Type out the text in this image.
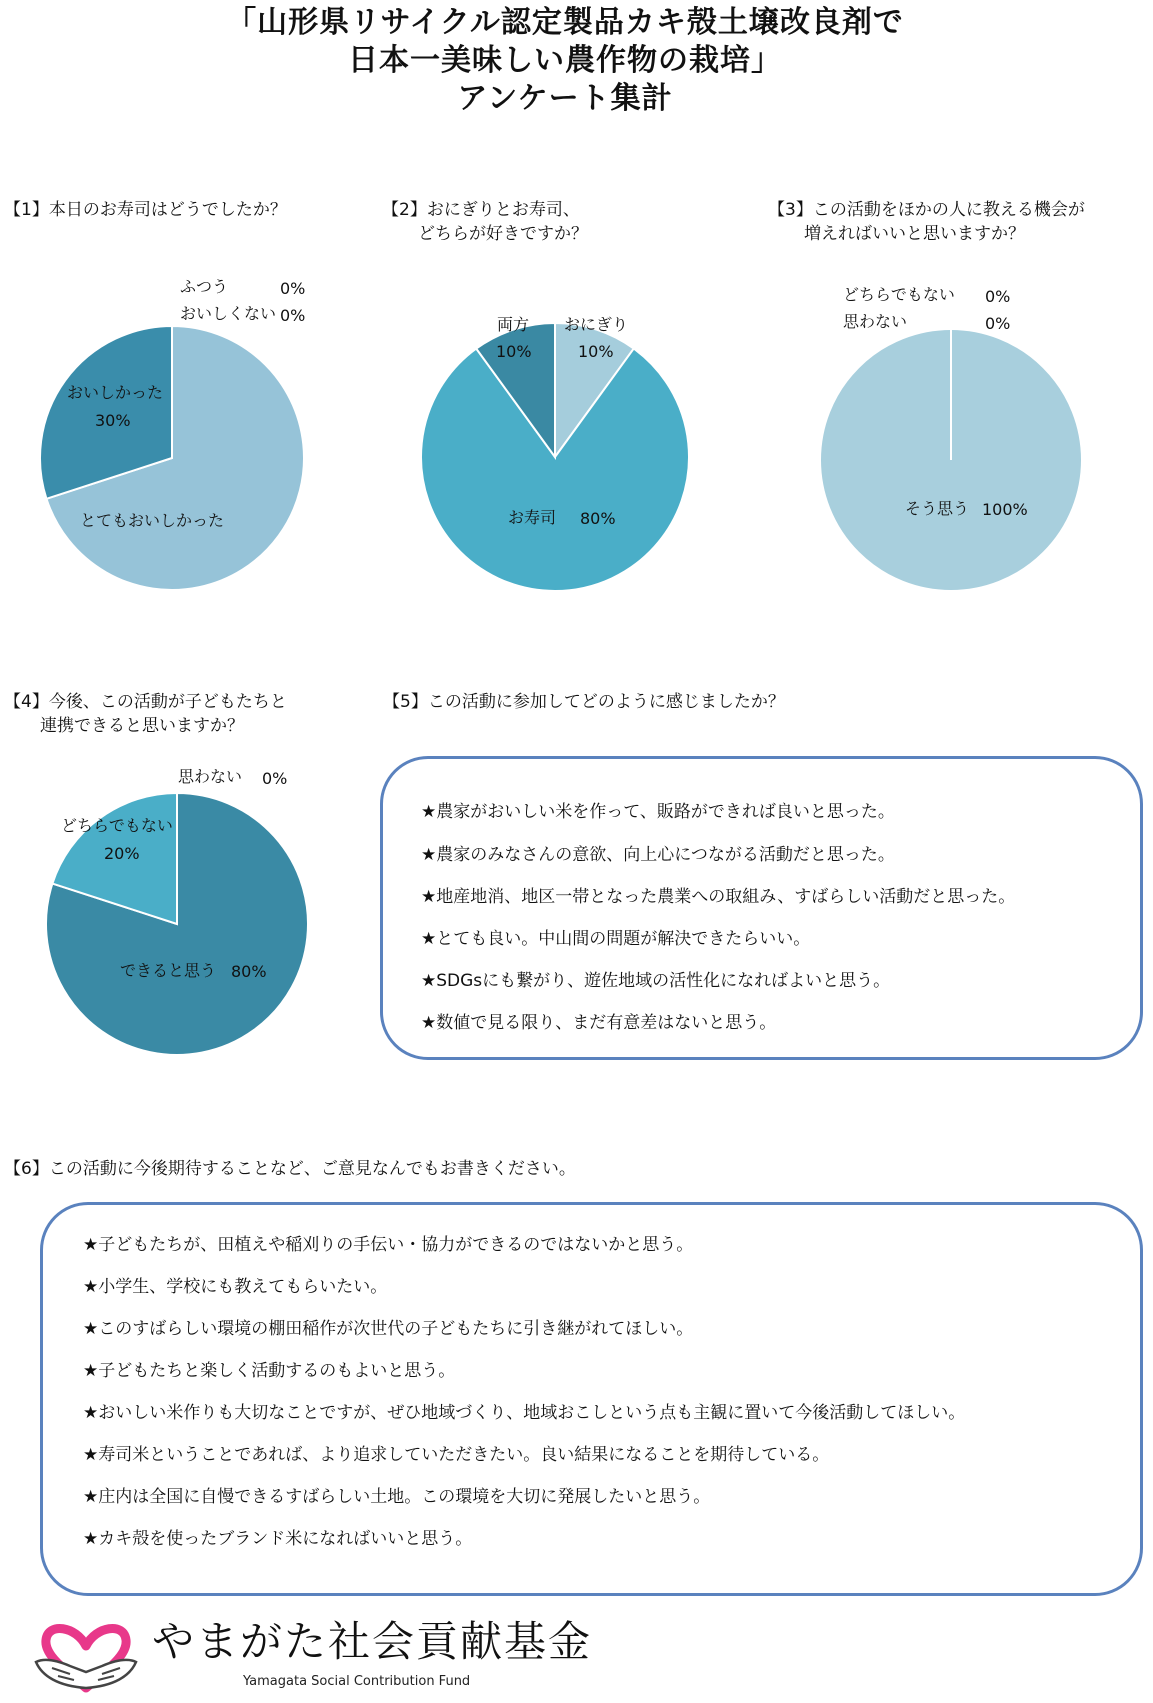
「山形県リサイクル認定製品カキ殻土壌改良剤で
日本一美味しい農作物の栽培」
アンケート集計
【1】本日のお寿司はどうでしたか？	【2】おにぎりとお寿司、
どちらが好きですか？
【3】この活動をほかの人に教える機会が
増えればいいと思いますか？
【4】今後、この活動が子どもたちと
連携できると思いますか？
【5】この活動に参加してどのように感じましたか？
【6】この活動に今後期待することなど、ご意見なんでもお書きください。
ふつう	0%
おいしくない 0%
おいしかった
30%
とてもおいしかった
両方
10%
おにぎり
10%
お寿司 80%
どちらでもない 0%
思わない	0%
そう思う 100%
思わない 0%
どちらでもない
20%
できると思う 80%
★農家がおいしい米を作って、販路ができれば良いと思った。
★農家のみなさんの意欲、向上心につながる活動だと思った。
★地産地消、地区一帯となった農業への取組み、すばらしい活動だと思った。
★とても良い。中山間の問題が解決できたらいい。
★SDGsにも繋がり、遊佐地域の活性化になればよいと思う。
★数値で見る限り、まだ有意差はないと思う。
★子どもたちが、田植えや稲刈りの手伝い・協力ができるのではないかと思う。
★小学生、学校にも教えてもらいたい。
★このすばらしい環境の棚田稲作が次世代の子どもたちに引き継がれてほしい。
★子どもたちと楽しく活動するのもよいと思う。
★おいしい米作りも大切なことですが、ぜひ地域づくり、地域おこしという点も主観に置いて今後活動してほしい。
★寿司米ということであれば、より追求していただきたい。良い結果になることを期待している。
★庄内は全国に自慢できるすばらしい土地。この環境を大切に発展したいと思う。
★カキ殻を使ったブランド米になればいいと思う。
やまがた社会貢献基金
Yamagata Social Contribution Fund
